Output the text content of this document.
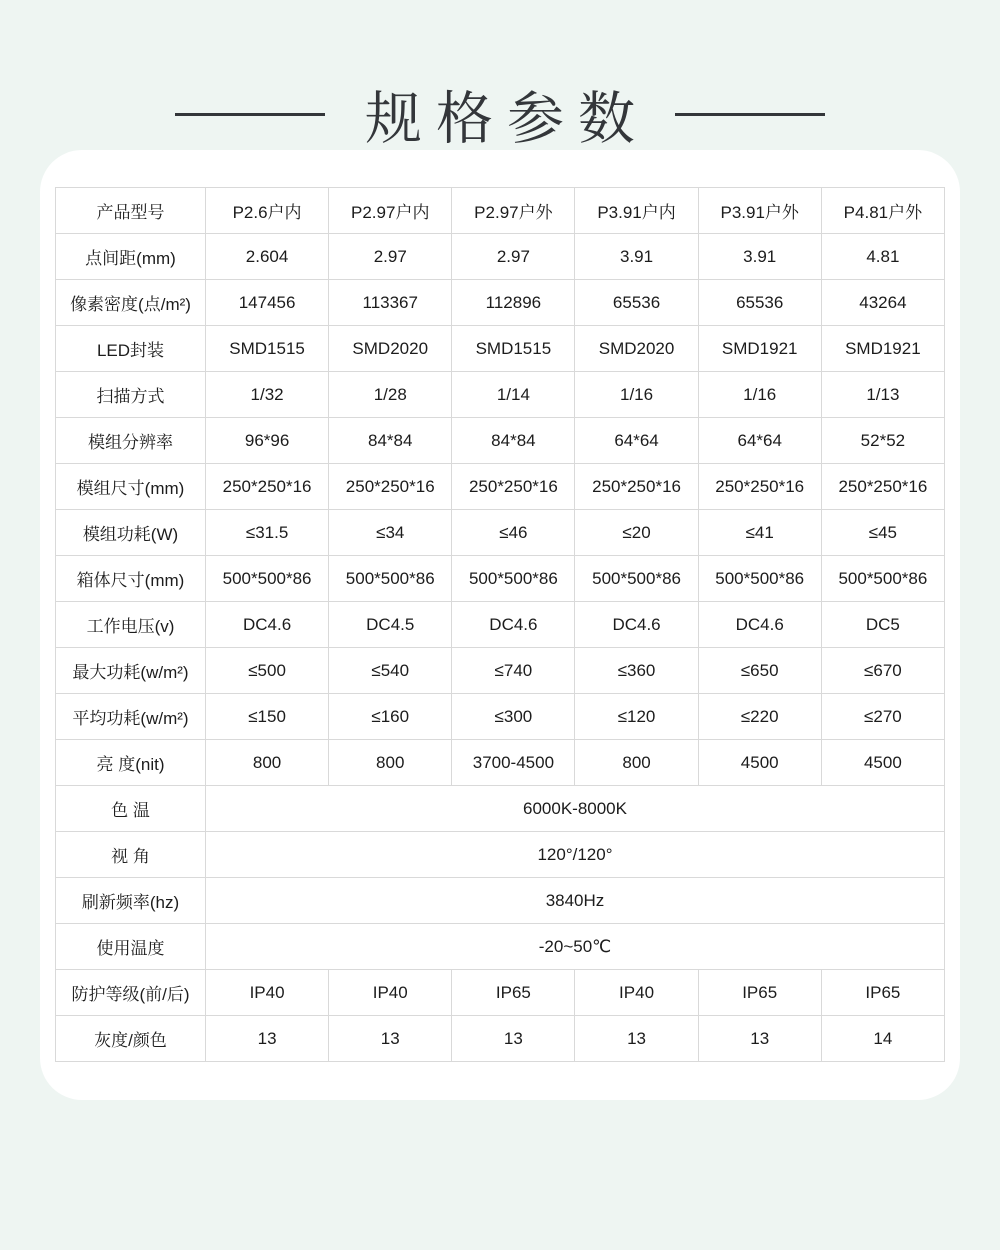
规格参数
产品型号	P2.6户内	P2.97户内	P2.97户外	P3.91户内	P3.91户外	P4.81户外
点间距(mm)	2.604	2.97	2.97	3.91	3.91	4.81
像素密度(点/m²)	147456	113367	112896	65536	65536	43264
LED封装	SMD1515	SMD2020	SMD1515	SMD2020	SMD1921	SMD1921
扫描方式	1/32	1/28	1/14	1/16	1/16	1/13
模组分辨率	96*96	84*84	84*84	64*64	64*64	52*52
模组尺寸(mm)	250*250*16	250*250*16	250*250*16	250*250*16	250*250*16	250*250*16
模组功耗(W)	≤31.5	≤34	≤46	≤20	≤41	≤45
箱体尺寸(mm)	500*500*86	500*500*86	500*500*86	500*500*86	500*500*86	500*500*86
工作电压(v)	DC4.6	DC4.5	DC4.6	DC4.6	DC4.6	DC5
最大功耗(w/m²)	≤500	≤540	≤740	≤360	≤650	≤670
平均功耗(w/m²)	≤150	≤160	≤300	≤120	≤220	≤270
亮 度(nit)	800	800	3700-4500	800	4500	4500
色 温	6000K-8000K					
视 角	120°/120°					
刷新频率(hz)	3840Hz					
使用温度	-20~50℃					
防护等级(前/后)	IP40	IP40	IP65	IP40	IP65	IP65
灰度/颜色	13	13	13	13	13	14
